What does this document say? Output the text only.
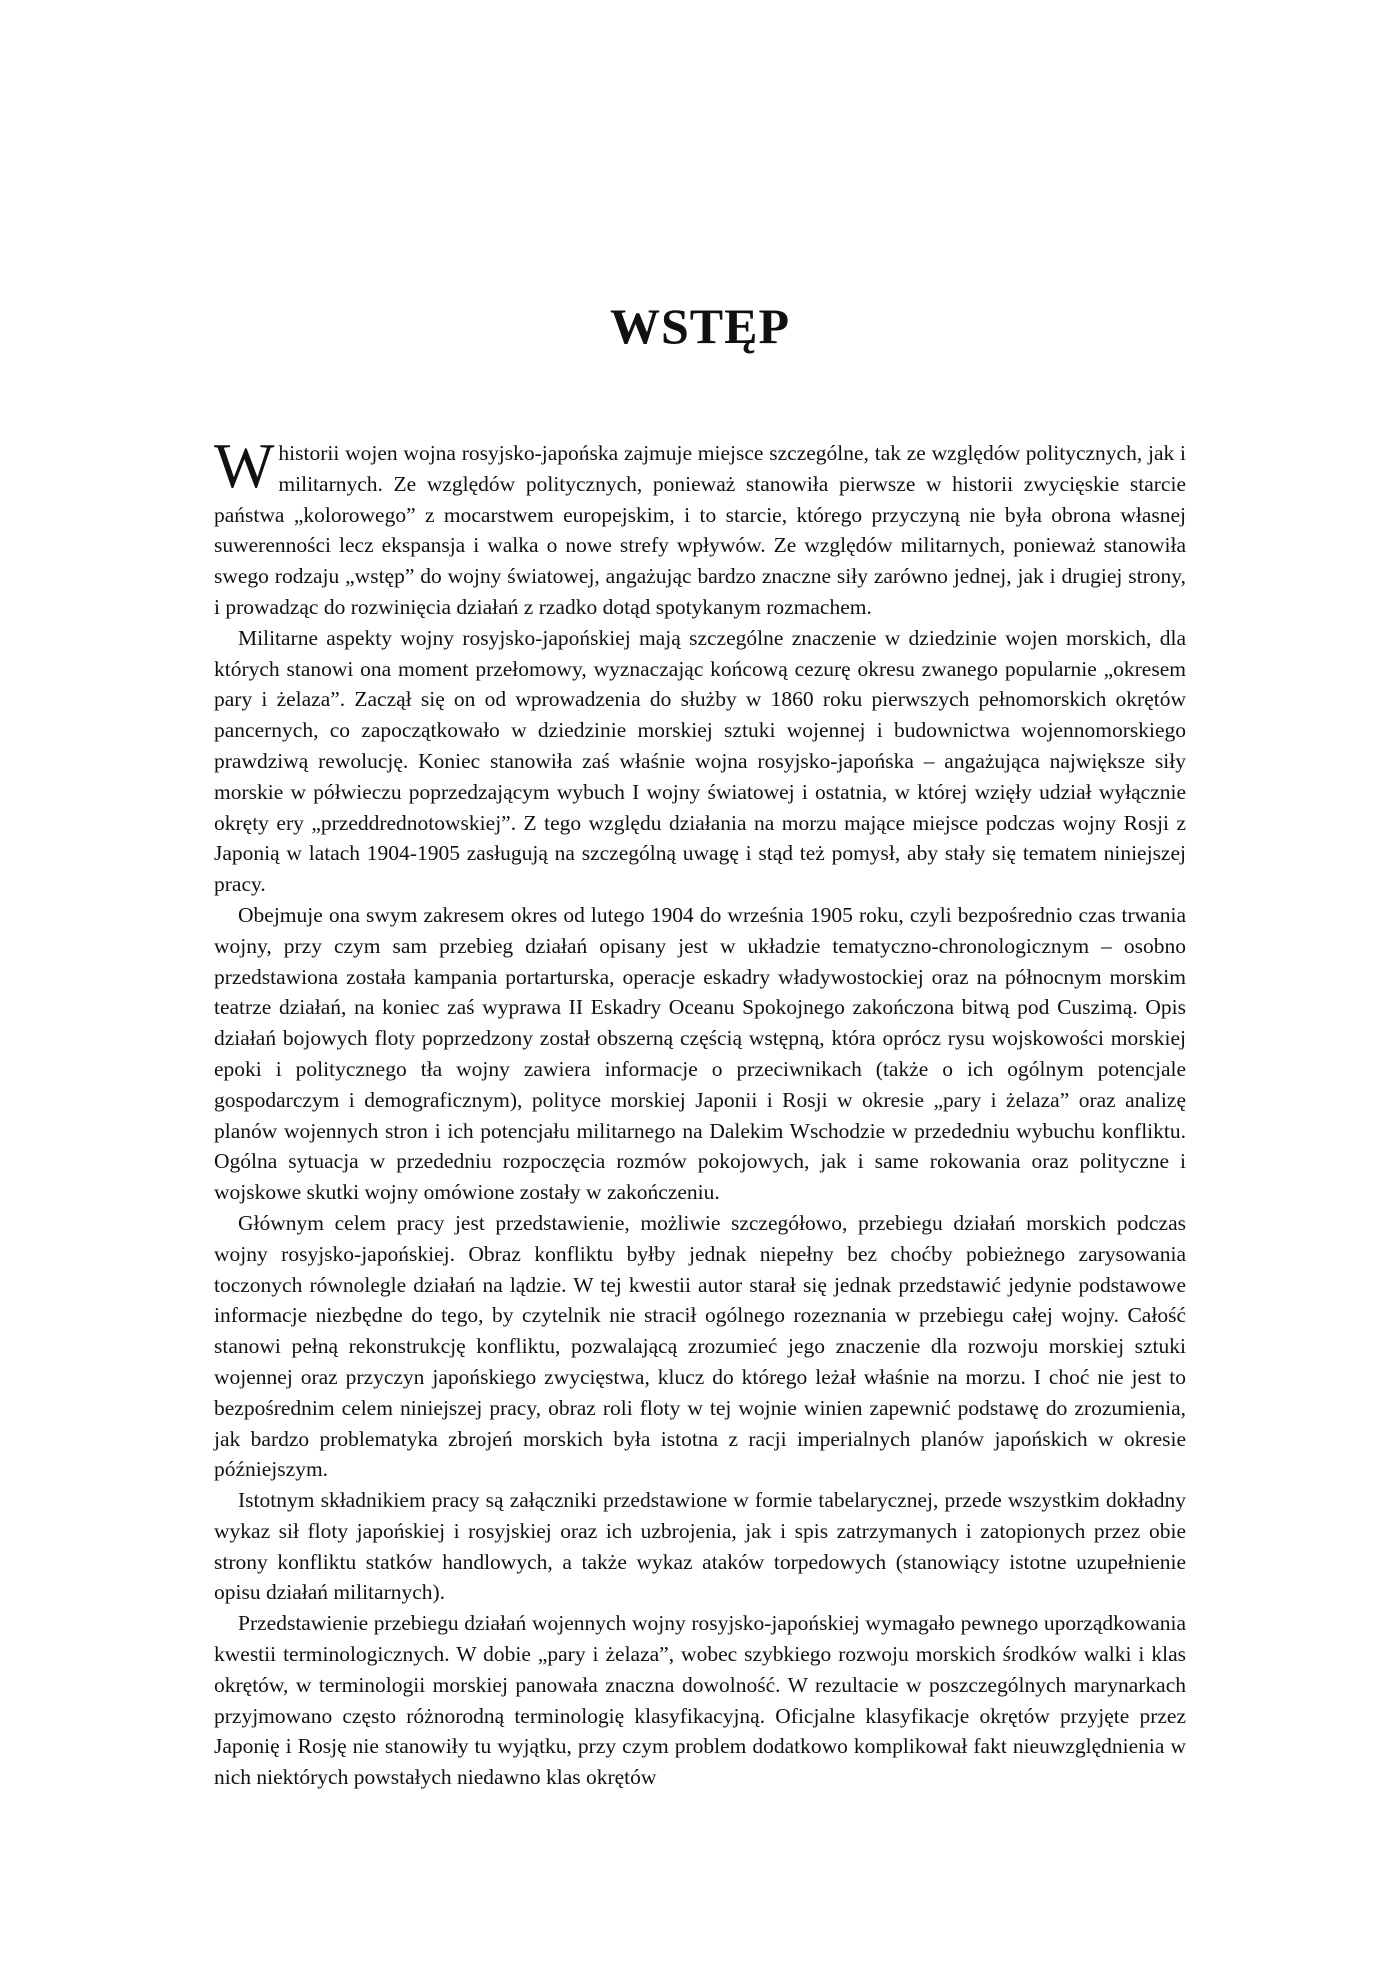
WSTĘP

Whistorii wojen wojna rosyjsko-japońska zajmuje miejsce szczególne, tak ze względów politycznych, jak i militarnych. Ze względów politycznych, ponieważ stanowiła pierwsze w historii zwycięskie starcie państwa „kolorowego” z mocarstwem europejskim, i to starcie, którego przyczyną nie była obrona własnej suwerenności lecz ekspansja i walka o nowe strefy wpływów. Ze względów militarnych, ponieważ stanowiła swego rodzaju „wstęp” do wojny światowej, angażując bardzo znaczne siły zarówno jednej, jak i drugiej strony, i prowadząc do rozwinięcia działań z rzadko dotąd spotykanym rozmachem.

Militarne aspekty wojny rosyjsko-japońskiej mają szczególne znaczenie w dziedzinie wojen morskich, dla których stanowi ona moment przełomowy, wyznaczając końcową cezurę okresu zwanego popularnie „okresem pary i żelaza”. Zaczął się on od wprowadzenia do służby w 1860 roku pierwszych pełnomorskich okrętów pancernych, co zapoczątkowało w dziedzinie morskiej sztuki wojennej i budownictwa wojennomorskiego prawdziwą rewolucję. Koniec stanowiła zaś właśnie wojna rosyjsko-japońska – angażująca największe siły morskie w półwieczu poprzedzającym wybuch I wojny światowej i ostatnia, w której wzięły udział wyłącznie okręty ery „przeddrednotowskiej”. Z tego względu działania na morzu mające miejsce podczas wojny Rosji z Japonią w latach 1904-1905 zasługują na szczególną uwagę i stąd też pomysł, aby stały się tematem niniejszej pracy.

Obejmuje ona swym zakresem okres od lutego 1904 do września 1905 roku, czyli bezpośrednio czas trwania wojny, przy czym sam przebieg działań opisany jest w układzie tematyczno-chronologicznym – osobno przedstawiona została kampania portarturska, operacje eskadry władywostockiej oraz na północnym morskim teatrze działań, na koniec zaś wyprawa II Eskadry Oceanu Spokojnego zakończona bitwą pod Cuszimą. Opis działań bojowych floty poprzedzony został obszerną częścią wstępną, która oprócz rysu wojskowości morskiej epoki i politycznego tła wojny zawiera informacje o przeciwnikach (także o ich ogólnym potencjale gospodarczym i demograficznym), polityce morskiej Japonii i Rosji w okresie „pary i żelaza” oraz analizę planów wojennych stron i ich potencjału militarnego na Dalekim Wschodzie w przededniu wybuchu konfliktu. Ogólna sytuacja w przededniu rozpoczęcia rozmów pokojowych, jak i same rokowania oraz polityczne i wojskowe skutki wojny omówione zostały w zakończeniu.

Głównym celem pracy jest przedstawienie, możliwie szczegółowo, przebiegu działań morskich podczas wojny rosyjsko-japońskiej. Obraz konfliktu byłby jednak niepełny bez choćby pobieżnego zarysowania toczonych równolegle działań na lądzie. W tej kwestii autor starał się jednak przedstawić jedynie podstawowe informacje niezbędne do tego, by czytelnik nie stracił ogólnego rozeznania w przebiegu całej wojny. Całość stanowi pełną rekonstrukcję konfliktu, pozwalającą zrozumieć jego znaczenie dla rozwoju morskiej sztuki wojennej oraz przyczyn japońskiego zwycięstwa, klucz do którego leżał właśnie na morzu. I choć nie jest to bezpośrednim celem niniejszej pracy, obraz roli floty w tej wojnie winien zapewnić podstawę do zrozumienia, jak bardzo problematyka zbrojeń morskich była istotna z racji imperialnych planów japońskich w okresie późniejszym.

Istotnym składnikiem pracy są załączniki przedstawione w formie tabelarycznej, przede wszystkim dokładny wykaz sił floty japońskiej i rosyjskiej oraz ich uzbrojenia, jak i spis zatrzymanych i zatopionych przez obie strony konfliktu statków handlowych, a także wykaz ataków torpedowych (stanowiący istotne uzupełnienie opisu działań militarnych).

Przedstawienie przebiegu działań wojennych wojny rosyjsko-japońskiej wymagało pewnego uporządkowania kwestii terminologicznych. W dobie „pary i żelaza”, wobec szybkiego rozwoju morskich środków walki i klas okrętów, w terminologii morskiej panowała znaczna dowolność. W rezultacie w poszczególnych marynarkach przyjmowano często różnorodną terminologię klasyfikacyjną. Oficjalne klasyfikacje okrętów przyjęte przez Japonię i Rosję nie stanowiły tu wyjątku, przy czym problem dodatkowo komplikował fakt nieuwzględnienia w nich niektórych powstałych niedawno klas okrętów
